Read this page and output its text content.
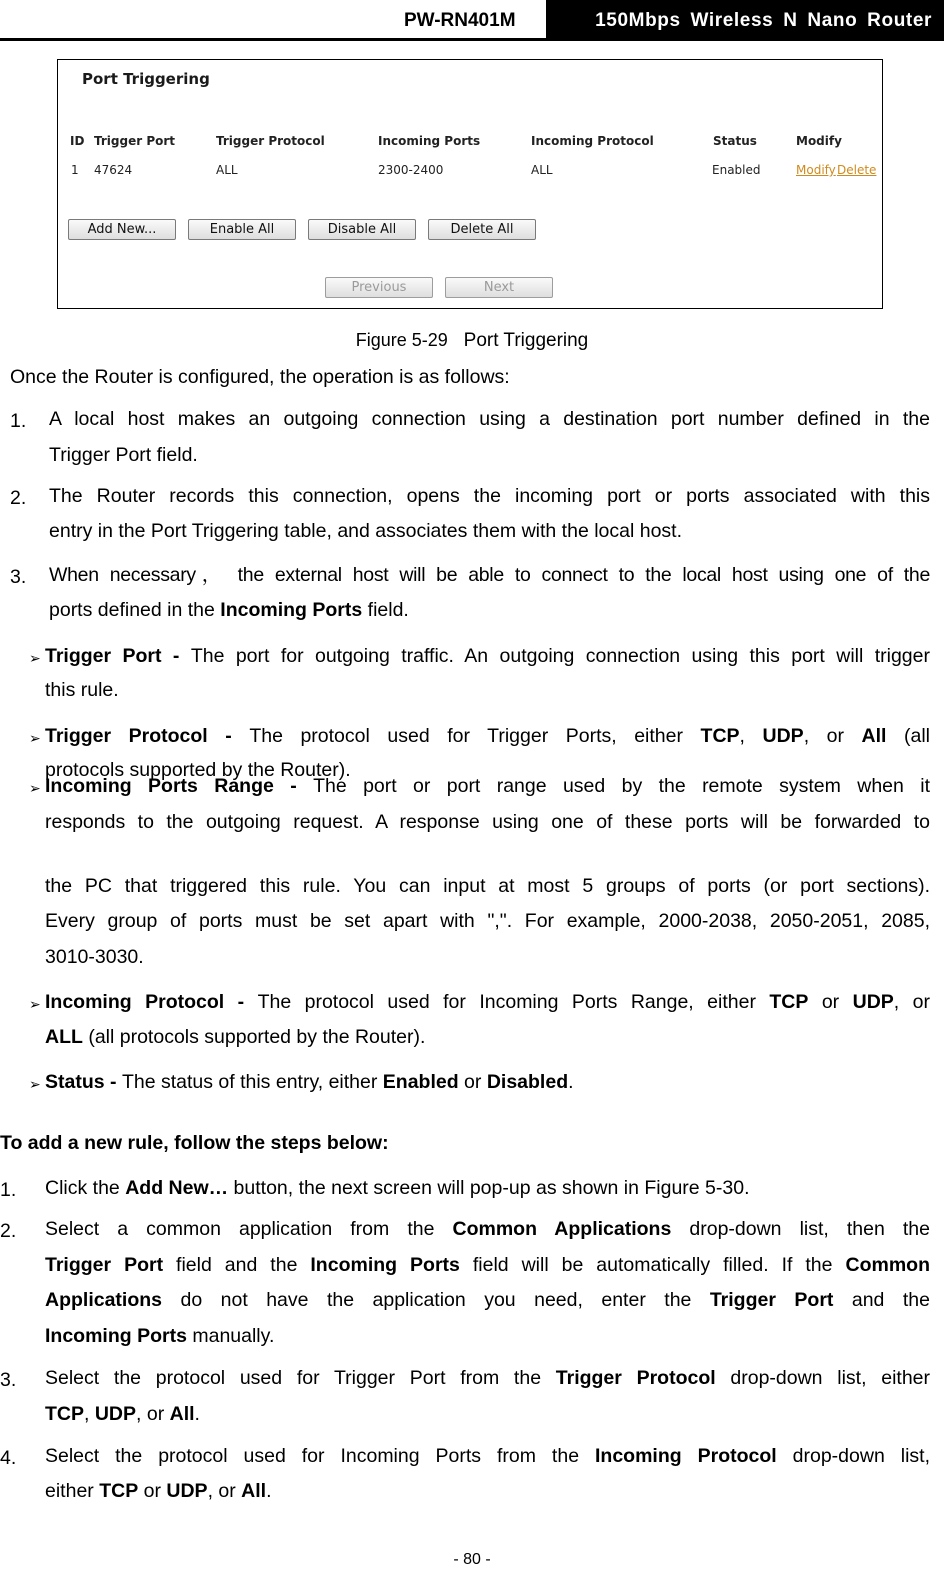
PW-RN401M	150Mbps Wireless N Nano Router
Port Triggering
ID Trigger Port	Trigger Protocol	Incoming Ports	Incoming Protocol	Status	Modify
1 47624	ALL	2300-2400	ALL	Enabled	Modify Delete
Add New...	Enable All	Disable All	Delete All
Previous	Next
Figure 5-29 Port Triggering
Once the Router is configured, the operation is as follows:
1. A local host makes an outgoing connection using a destination port number defined in the
Trigger Port field.
2. The Router records this connection, opens the incoming port or ports associated with this
entry in the Port Triggering table, and associates them with the local host.
3. When necessary， the external host will be able to connect to the local host using one of the
ports defined in the Incoming Ports field.
➢ Trigger Port - The port for outgoing traffic. An outgoing connection using this port will trigger
this rule.
➢ Trigger Protocol - The protocol used for Trigger Ports, either TCP, UDP, or All (all
protocols supported by the Router).
➢ Incoming Ports Range - The port or port range used by the remote system when it
responds to the outgoing request. A response using one of these ports will be forwarded to
the PC that triggered this rule. You can input at most 5 groups of ports (or port sections).
Every group of ports must be set apart with ",". For example, 2000-2038, 2050-2051, 2085,
3010-3030.
➢ Incoming Protocol - The protocol used for Incoming Ports Range, either TCP or UDP, or
ALL (all protocols supported by the Router).
➢ Status - The status of this entry, either Enabled or Disabled.
To add a new rule, follow the steps below:
1. Click the Add New… button, the next screen will pop-up as shown in Figure 5-30.
2. Select a common application from the Common Applications drop-down list, then the
Trigger Port field and the Incoming Ports field will be automatically filled. If the Common
Applications do not have the application you need, enter the Trigger Port and the
Incoming Ports manually.
3. Select the protocol used for Trigger Port from the Trigger Protocol drop-down list, either
TCP, UDP, or All.
4. Select the protocol used for Incoming Ports from the Incoming Protocol drop-down list,
either TCP or UDP, or All.
- 80 -
